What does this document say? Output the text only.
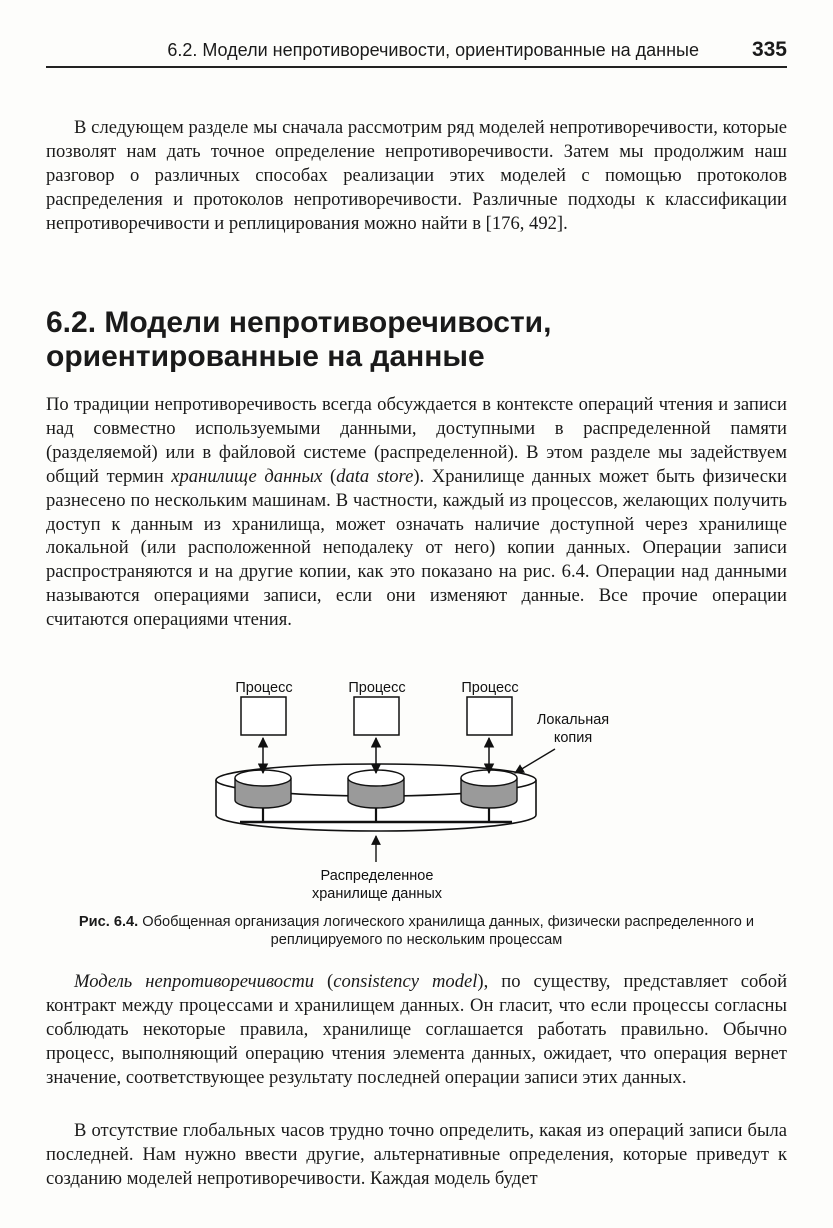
6.2. Модели непротиворечивости, ориентированные на данные	335

В следующем разделе мы сначала рассмотрим ряд моделей непротиворечивости, которые позволят нам дать точное определение непротиворечивости. Затем мы продолжим наш разговор о различных способах реализации этих моделей с помощью протоколов распределения и протоколов непротиворечивости. Различные подходы к классификации непротиворечивости и реплицирования можно найти в [176, 492].

6.2. Модели непротиворечивости,
ориентированные на данные

По традиции непротиворечивость всегда обсуждается в контексте операций чтения и записи над совместно используемыми данными, доступными в распределенной памяти (разделяемой) или в файловой системе (распределенной). В этом разделе мы задействуем общий термин хранилище данных (data store). Хранилище данных может быть физически разнесено по нескольким машинам. В частности, каждый из процессов, желающих получить доступ к данным из хранилища, может означать наличие доступной через хранилище локальной (или расположенной неподалеку от него) копии данных. Операции записи распространяются и на другие копии, как это показано на рис. 6.4. Операции над данными называются операциями записи, если они изменяют данные. Все прочие операции считаются операциями чтения.

Процесс	Процесс	Процесс
Локальная
копия
Распределенное
хранилище данных

Рис. 6.4. Обобщенная организация логического хранилища данных, физически распределенного и реплицируемого по нескольким процессам

Модель непротиворечивости (consistency model), по существу, представляет собой контракт между процессами и хранилищем данных. Он гласит, что если процессы согласны соблюдать некоторые правила, хранилище соглашается работать правильно. Обычно процесс, выполняющий операцию чтения элемента данных, ожидает, что операция вернет значение, соответствующее результату последней операции записи этих данных.

В отсутствие глобальных часов трудно точно определить, какая из операций записи была последней. Нам нужно ввести другие, альтернативные определения, которые приведут к созданию моделей непротиворечивости. Каждая модель будет
